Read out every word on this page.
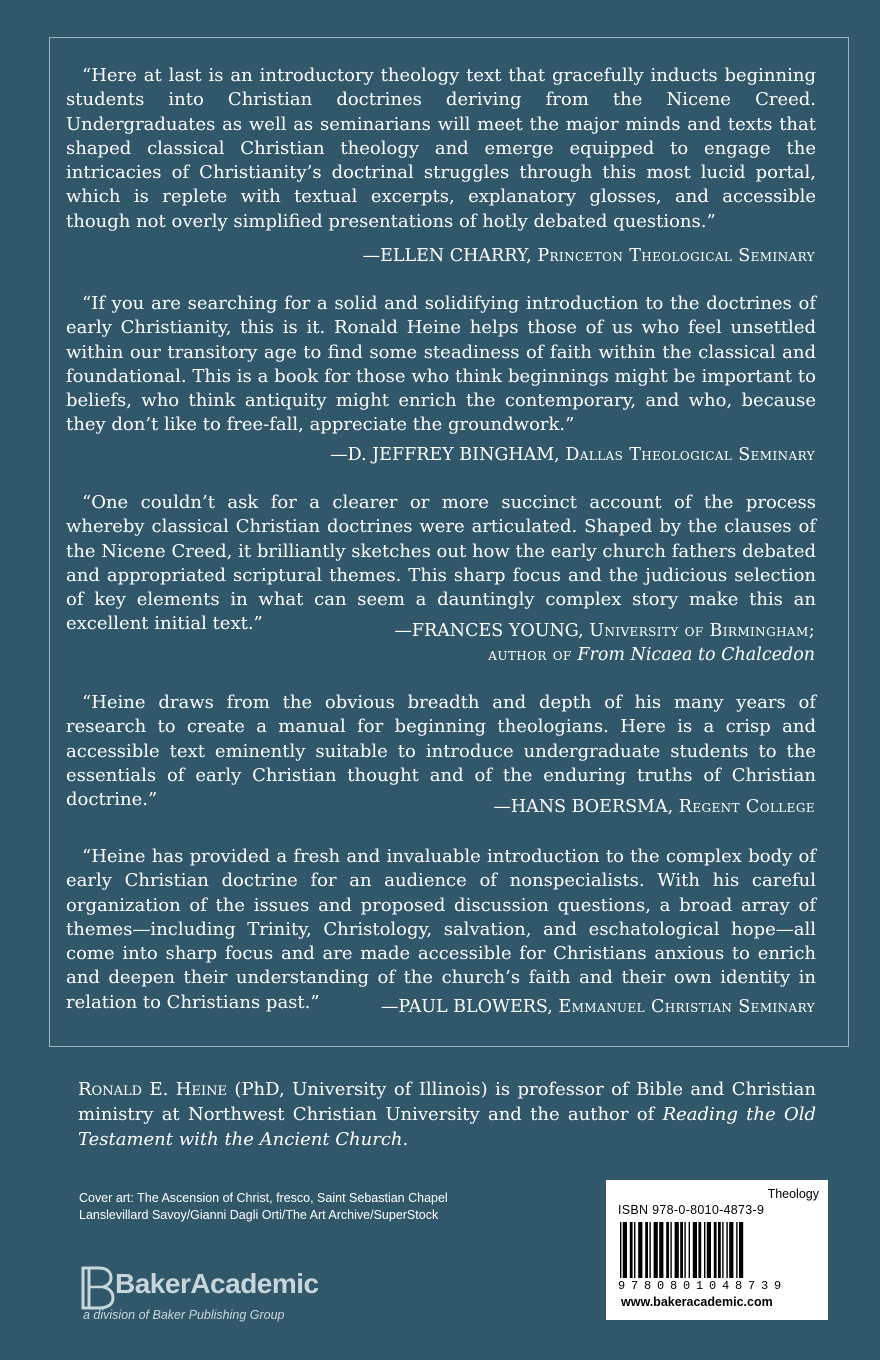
“Here at last is an introductory theology text that gracefully inducts beginning students into Christian doctrines deriving from the Nicene Creed. Undergraduates as well as seminarians will meet the major minds and texts that shaped classical Christian theology and emerge equipped to engage the intricacies of Christianity’s doctrinal struggles through this most lucid portal, which is replete with textual excerpts, explanatory glosses, and accessible though not overly simplified presentations of hotly debated questions.”

—ELLEN CHARRY, Princeton Theological Seminary

“If you are searching for a solid and solidifying introduction to the doctrines of early Christianity, this is it. Ronald Heine helps those of us who feel unsettled within our transitory age to find some steadiness of faith within the classical and foundational. This is a book for those who think beginnings might be important to beliefs, who think antiquity might enrich the contemporary, and who, because they don’t like to free-fall, appreciate the groundwork.”

—D. JEFFREY BINGHAM, Dallas Theological Seminary

“One couldn’t ask for a clearer or more succinct account of the process whereby classical Christian doctrines were articulated. Shaped by the clauses of the Nicene Creed, it brilliantly sketches out how the early church fathers debated and appropriated scriptural themes. This sharp focus and the judicious selection of key elements in what can seem a dauntingly complex story make this an excellent initial text.”	—FRANCES YOUNG, University of Birmingham;
author of From Nicaea to Chalcedon

“Heine draws from the obvious breadth and depth of his many years of research to create a manual for beginning theologians. Here is a crisp and accessible text eminently suitable to introduce undergraduate students to the essentials of early Christian thought and of the enduring truths of Christian doctrine.”	—HANS BOERSMA, Regent College

“Heine has provided a fresh and invaluable introduction to the complex body of early Christian doctrine for an audience of nonspecialists. With his careful organization of the issues and proposed discussion questions, a broad array of themes—including Trinity, Christology, salvation, and eschatological hope—all come into sharp focus and are made accessible for Christians anxious to enrich and deepen their understanding of the church’s faith and their own identity in relation to Christians past.”	—PAUL BLOWERS, Emmanuel Christian Seminary

Ronald E. Heine (PhD, University of Illinois) is professor of Bible and Christian ministry at Northwest Christian University and the author of Reading the Old Testament with the Ancient Church.

Cover art: The Ascension of Christ, fresco, Saint Sebastian Chapel
Lanslevillard Savoy/Gianni Dagli Orti/The Art Archive/SuperStock
BakerAcademic
a division of Baker Publishing Group
Theology
ISBN 978-0-8010-4873-9
9780801048739
www.bakeracademic.com
